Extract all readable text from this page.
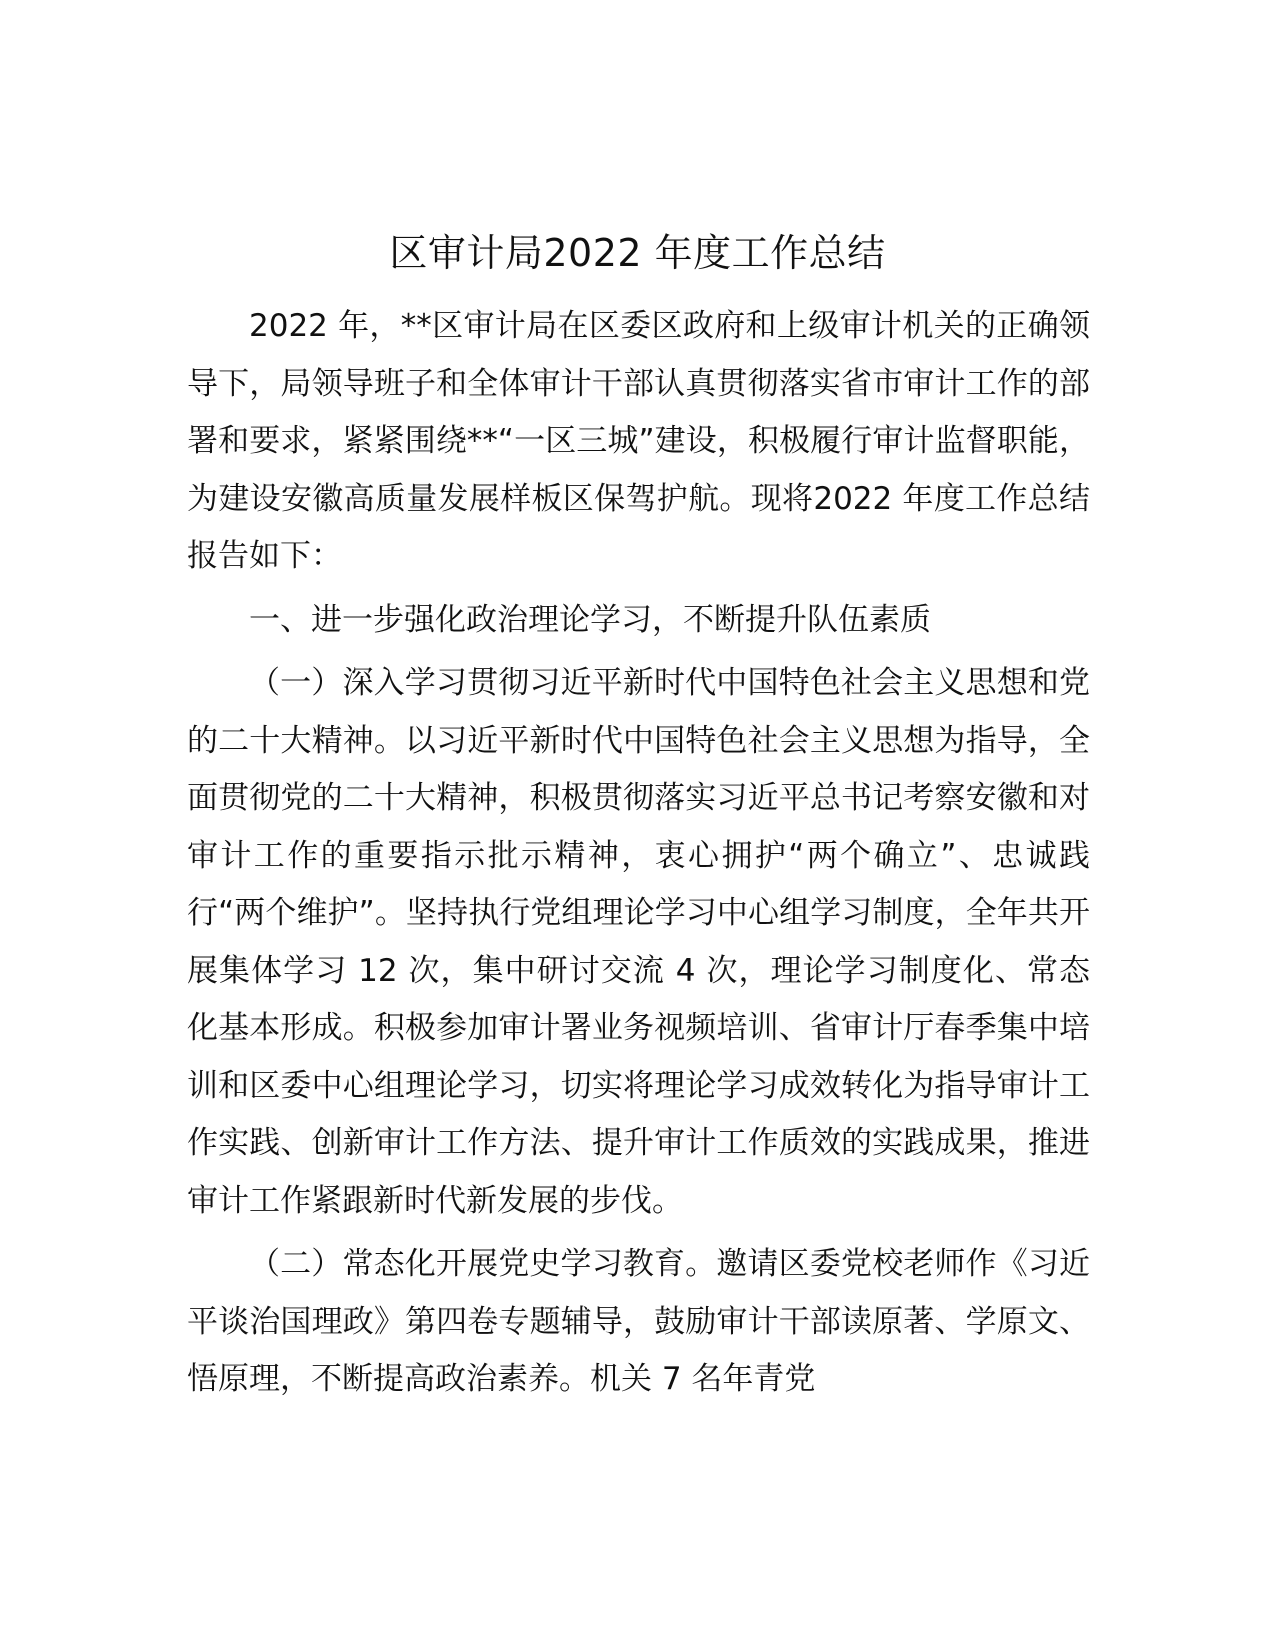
区审计局2022 年度工作总结

2022 年，**区审计局在区委区政府和上级审计机关的正确领导下，局领导班子和全体审计干部认真贯彻落实省市审计工作的部署和要求，紧紧围绕**“一区三城”建设，积极履行审计监督职能，为建设安徽高质量发展样板区保驾护航。现将2022 年度工作总结报告如下：

一、进一步强化政治理论学习，不断提升队伍素质

（一）深入学习贯彻习近平新时代中国特色社会主义思想和党的二十大精神。以习近平新时代中国特色社会主义思想为指导，全面贯彻党的二十大精神，积极贯彻落实习近平总书记考察安徽和对审计工作的重要指示批示精神，衷心拥护“两个确立”、忠诚践行“两个维护”。坚持执行党组理论学习中心组学习制度，全年共开展集体学习 12 次，集中研讨交流 4 次，理论学习制度化、常态化基本形成。积极参加审计署业务视频培训、省审计厅春季集中培训和区委中心组理论学习，切实将理论学习成效转化为指导审计工作实践、创新审计工作方法、提升审计工作质效的实践成果，推进审计工作紧跟新时代新发展的步伐。

（二）常态化开展党史学习教育。邀请区委党校老师作《习近平谈治国理政》第四卷专题辅导，鼓励审计干部读原著、学原文、悟原理，不断提高政治素养。机关 7 名年青党
